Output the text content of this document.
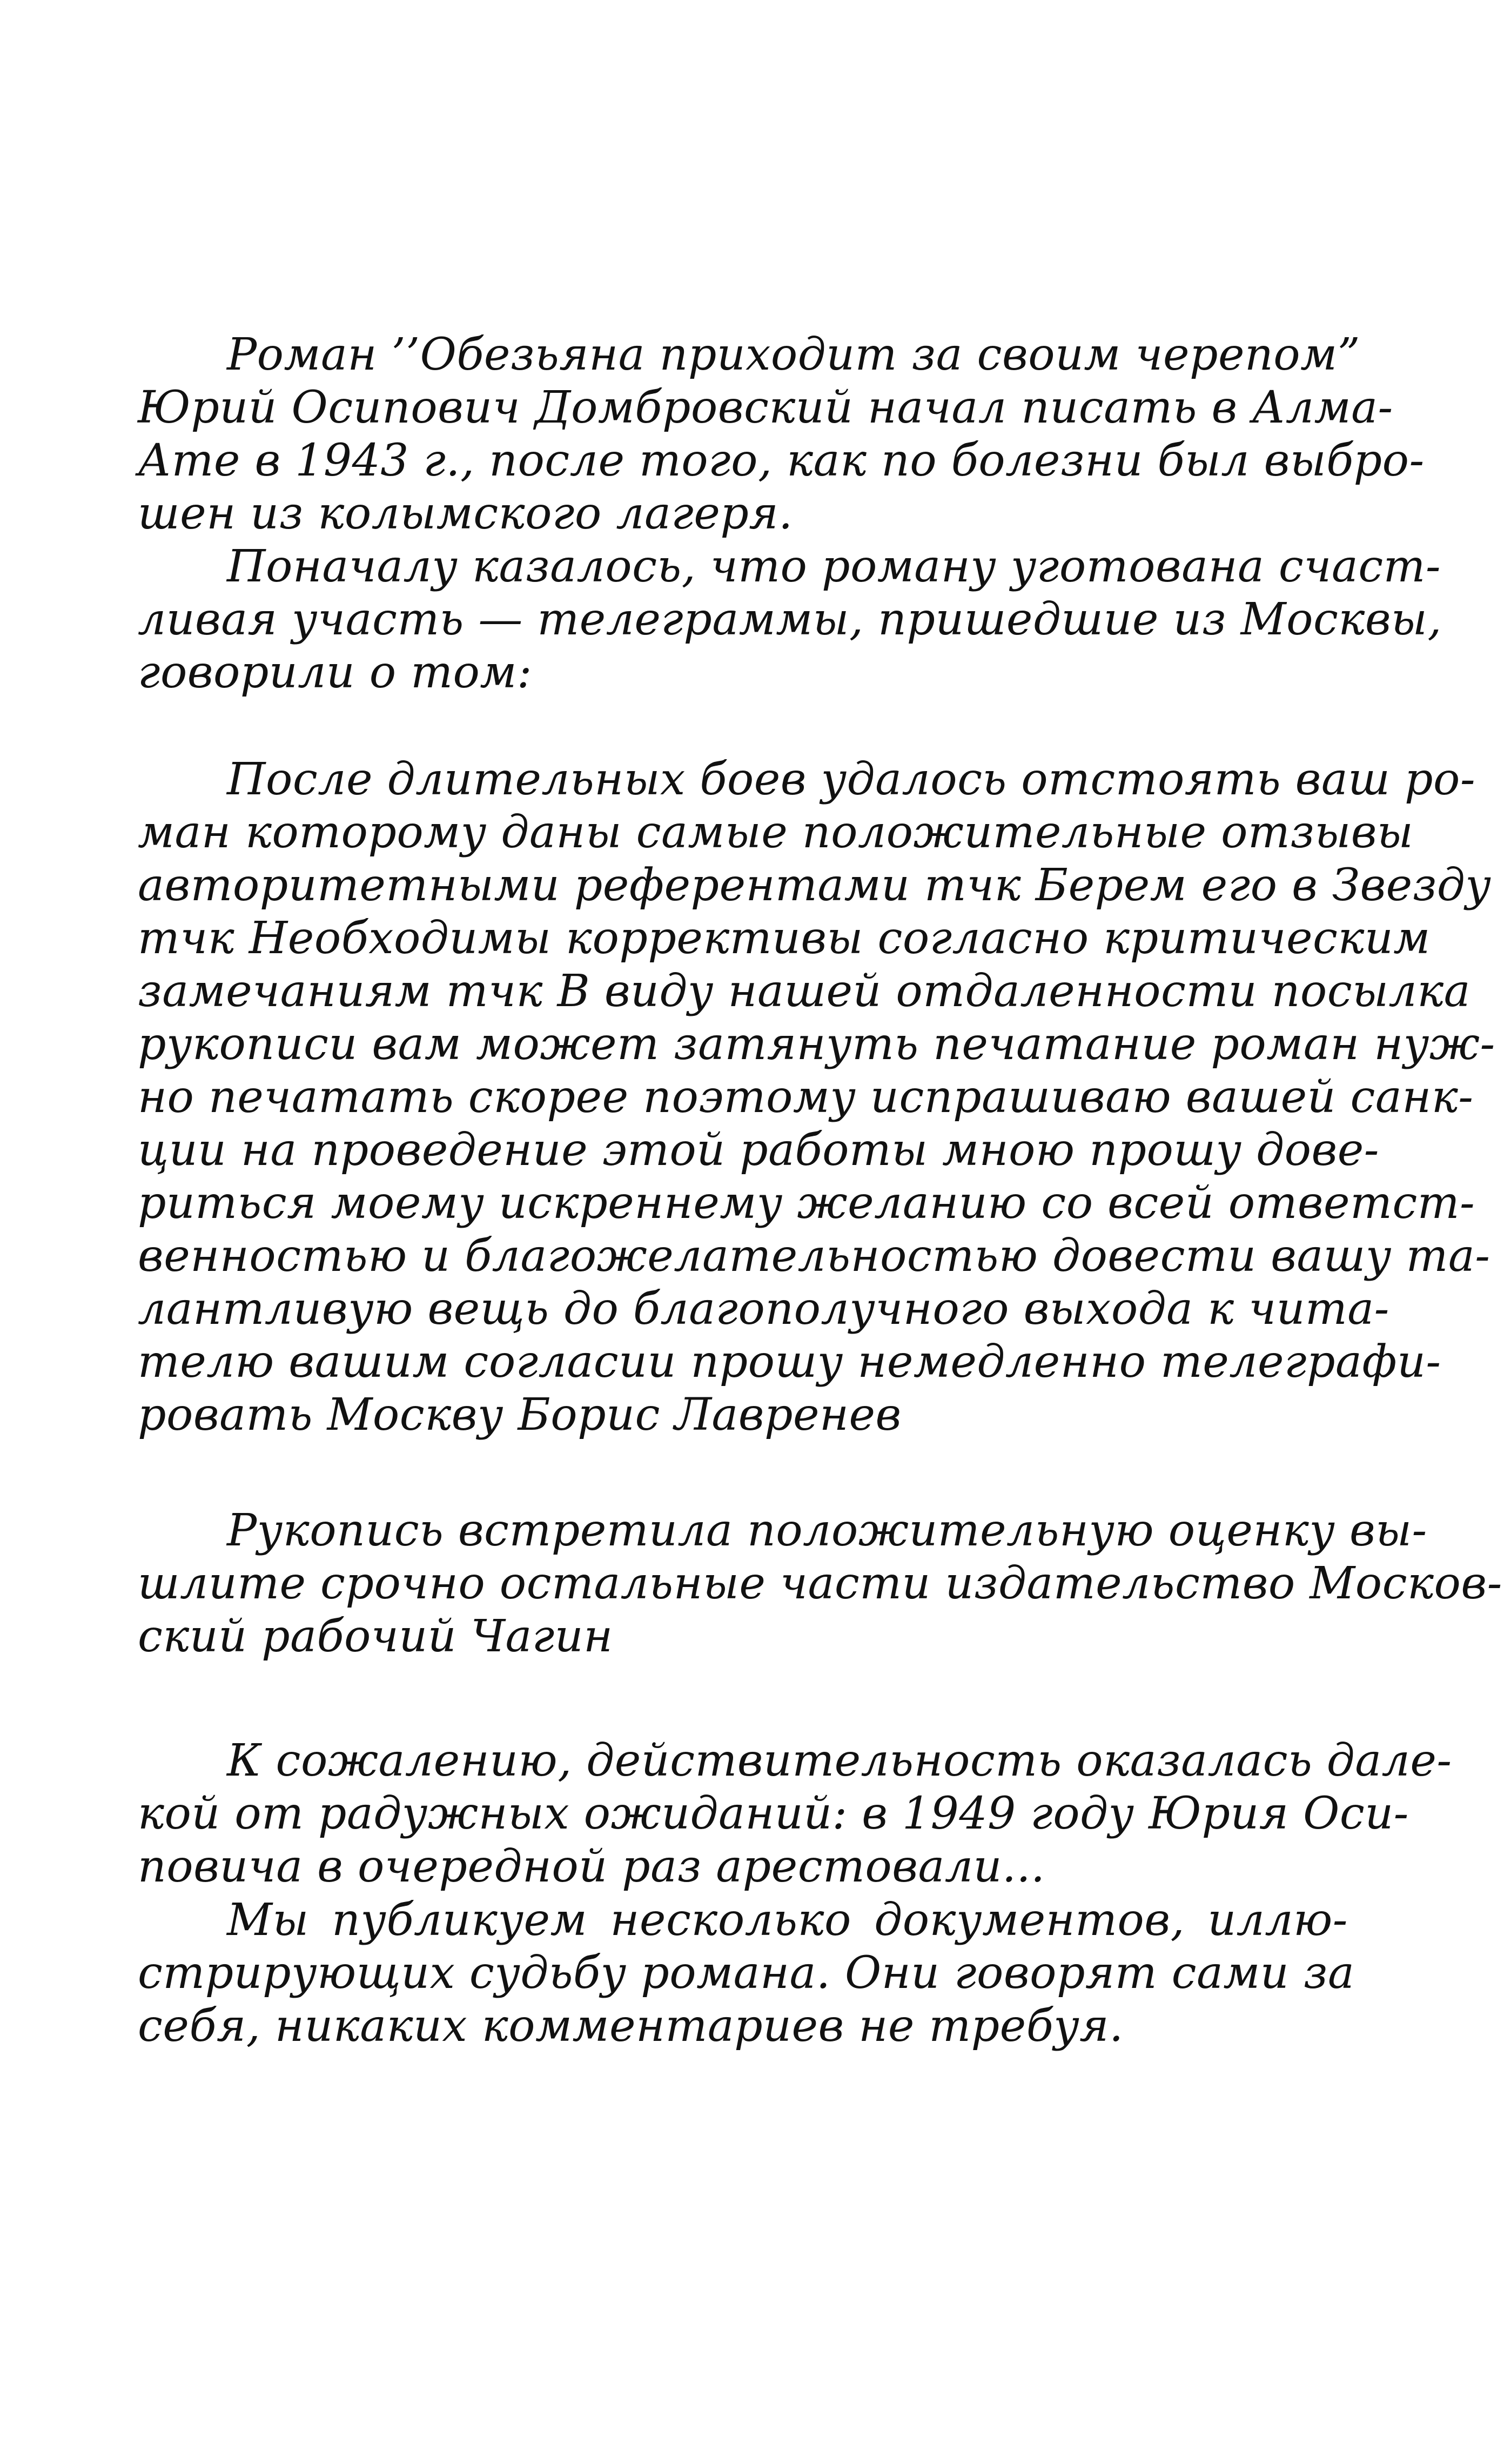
Роман ’’Обезьяна приходит за своим черепом”
Юрий Осипович Домбровский начал писать в Алма-
Ате в 1943 г., после того, как по болезни был выбро-
шен из колымского лагеря.
Поначалу казалось, что роману уготована счаст-
ливая участь — телеграммы, пришедшие из Москвы,
говорили о том:
После длительных боев удалось отстоять ваш ро-
ман которому даны самые положительные отзывы
авторитетными референтами тчк Берем его в Звезду
тчк Необходимы коррективы согласно критическим
замечаниям тчк В виду нашей отдаленности посылка
рукописи вам может затянуть печатание роман нуж-
но печатать скорее поэтому испрашиваю вашей санк-
ции на проведение этой работы мною прошу дове-
риться моему искреннему желанию со всей ответст-
венностью и благожелательностью довести вашу та-
лантливую вещь до благополучного выхода к чита-
телю вашим согласии прошу немедленно телеграфи-
ровать Москву Борис Лавренев
Рукопись встретила положительную оценку вы-
шлите срочно остальные части издательство Москов-
ский рабочий Чагин
К сожалению, действительность оказалась дале-
кой от радужных ожиданий: в 1949 году Юрия Оси-
повича в очередной раз арестовали...
Мы публикуем несколько документов, иллю-
стрирующих судьбу романа. Они говорят сами за
себя, никаких комментариев не требуя.
